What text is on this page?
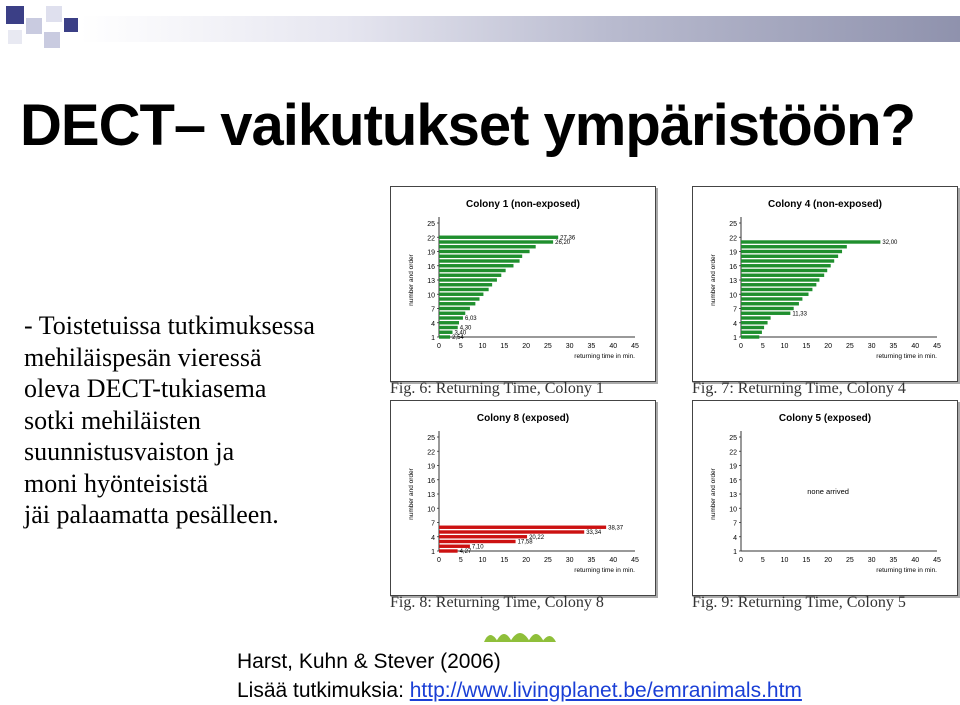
DECT– vaikutukset ympäristöön?
- Toistetuissa tutkimuksessa
mehiläispesän vieressä
oleva DECT-tukiasema
sotki mehiläisten
suunnistusvaiston ja
moni hyönteisistä
jäi palaamatta pesälleen.
Colony 1 (non-exposed)
1
4
7
10
13
16
19
22
25
0	5 10 15 20 25 30 35 40 45
number and order
returning time in min.
2,54
3,40
4,30
6,03
27,36
26,20
Fig. 6: Returning Time, Colony 1
Colony 4 (non-exposed)
1
4
7
10
13
16
19
22
25
0	5 10 15 20 25 30 35 40 45
number and order
returning time in min.
32,00
11,33
Fig. 7: Returning Time, Colony 4
Colony 8 (exposed)
1
4
7
10
13
16
19
22
25
0	5 10 15 20 25 30 35 40 45
number and order
returning time in min.
4,27
7,10
17,58
20,22
33,34
38,37
Fig. 8: Returning Time, Colony 8
Colony 5 (exposed)
1
4
7
10
13
16
19
22
25
0	5 10 15 20 25 30 35 40 45
number and order
returning time in min.
none arrived
Fig. 9: Returning Time, Colony 5
Harst, Kuhn & Stever (2006)
Lisää tutkimuksia: http://www.livingplanet.be/emranimals.htm
